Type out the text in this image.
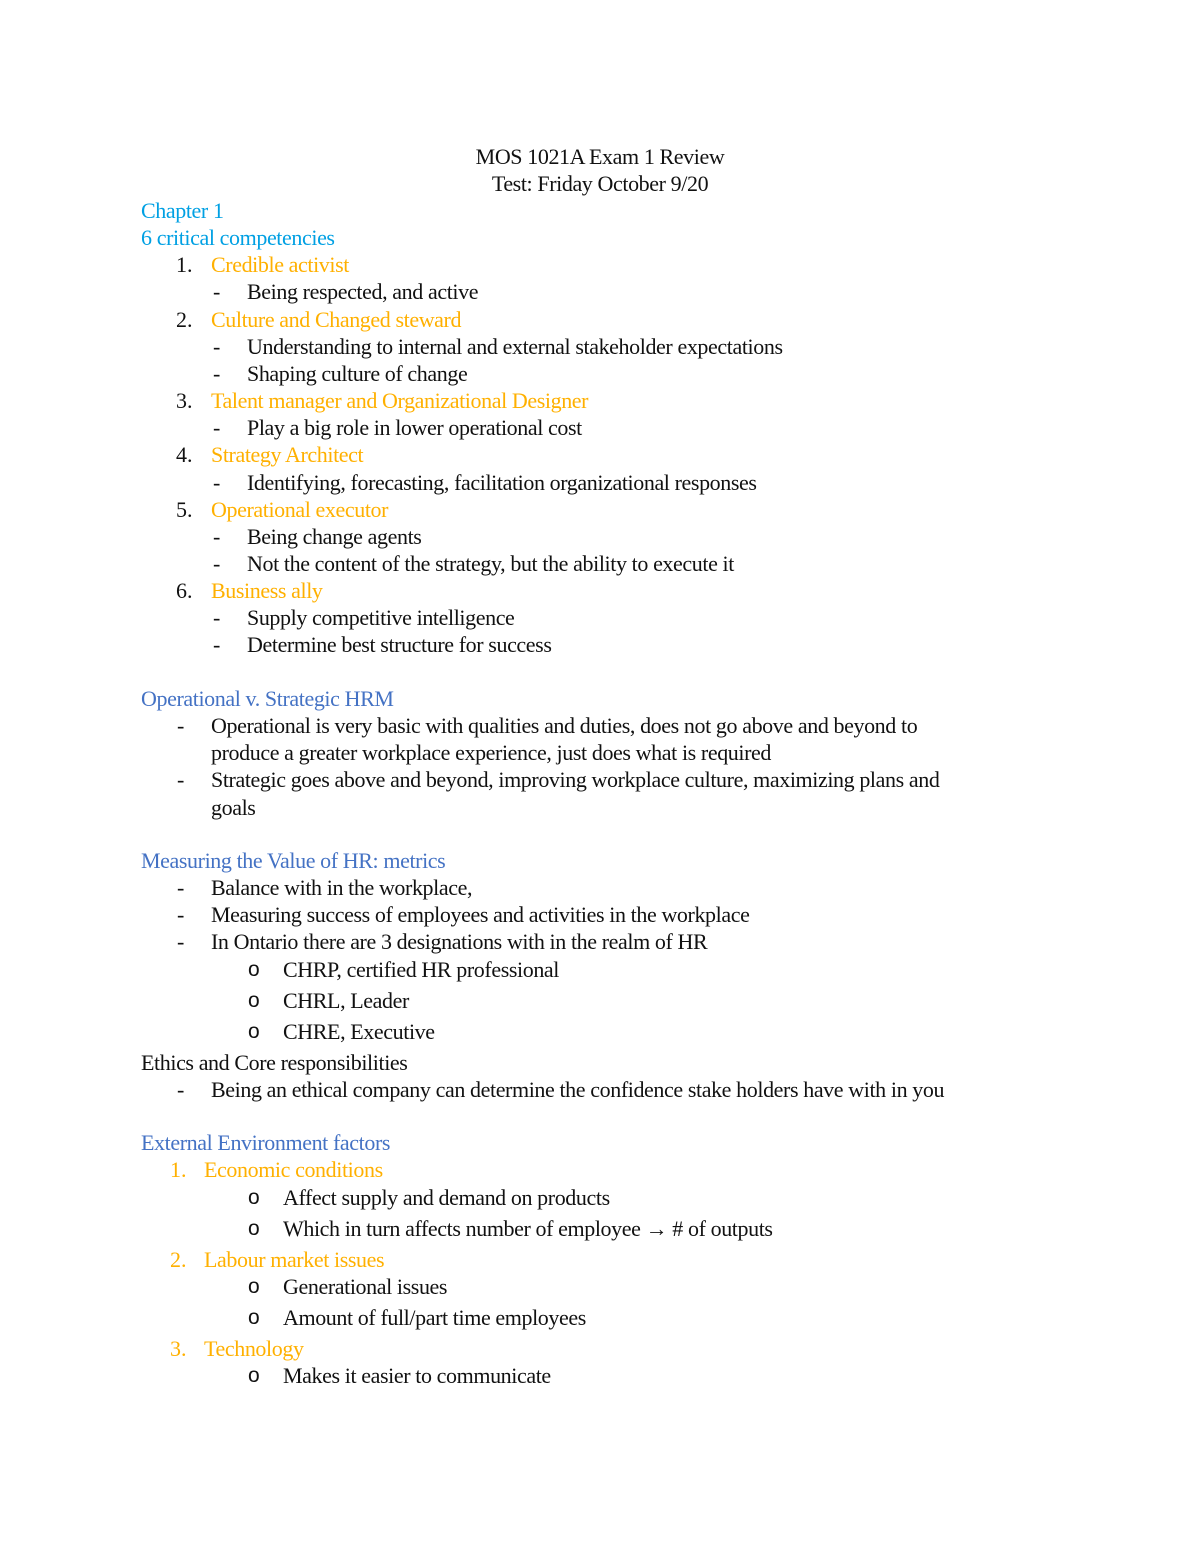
MOS 1021A Exam 1 Review
Test: Friday October 9/20
Chapter 1
6 critical competencies
1. Credible activist
- Being respected, and active
2. Culture and Changed steward
- Understanding to internal and external stakeholder expectations
- Shaping culture of change
3. Talent manager and Organizational Designer
- Play a big role in lower operational cost
4. Strategy Architect
- Identifying, forecasting, facilitation organizational responses
5. Operational executor
- Being change agents
- Not the content of the strategy, but the ability to execute it
6. Business ally
- Supply competitive intelligence
- Determine best structure for success
Operational v. Strategic HRM
- Operational is very basic with qualities and duties, does not go above and beyond to
produce a greater workplace experience, just does what is required
- Strategic goes above and beyond, improving workplace culture, maximizing plans and
goals
Measuring the Value of HR: metrics
- Balance with in the workplace,
- Measuring success of employees and activities in the workplace
- In Ontario there are 3 designations with in the realm of HR
o CHRP, certified HR professional
o CHRL, Leader
o CHRE, Executive
Ethics and Core responsibilities
- Being an ethical company can determine the confidence stake holders have with in you
External Environment factors
1. Economic conditions
o Affect supply and demand on products
o Which in turn affects number of employee → # of outputs
2. Labour market issues
o Generational issues
o Amount of full/part time employees
3. Technology
o Makes it easier to communicate
